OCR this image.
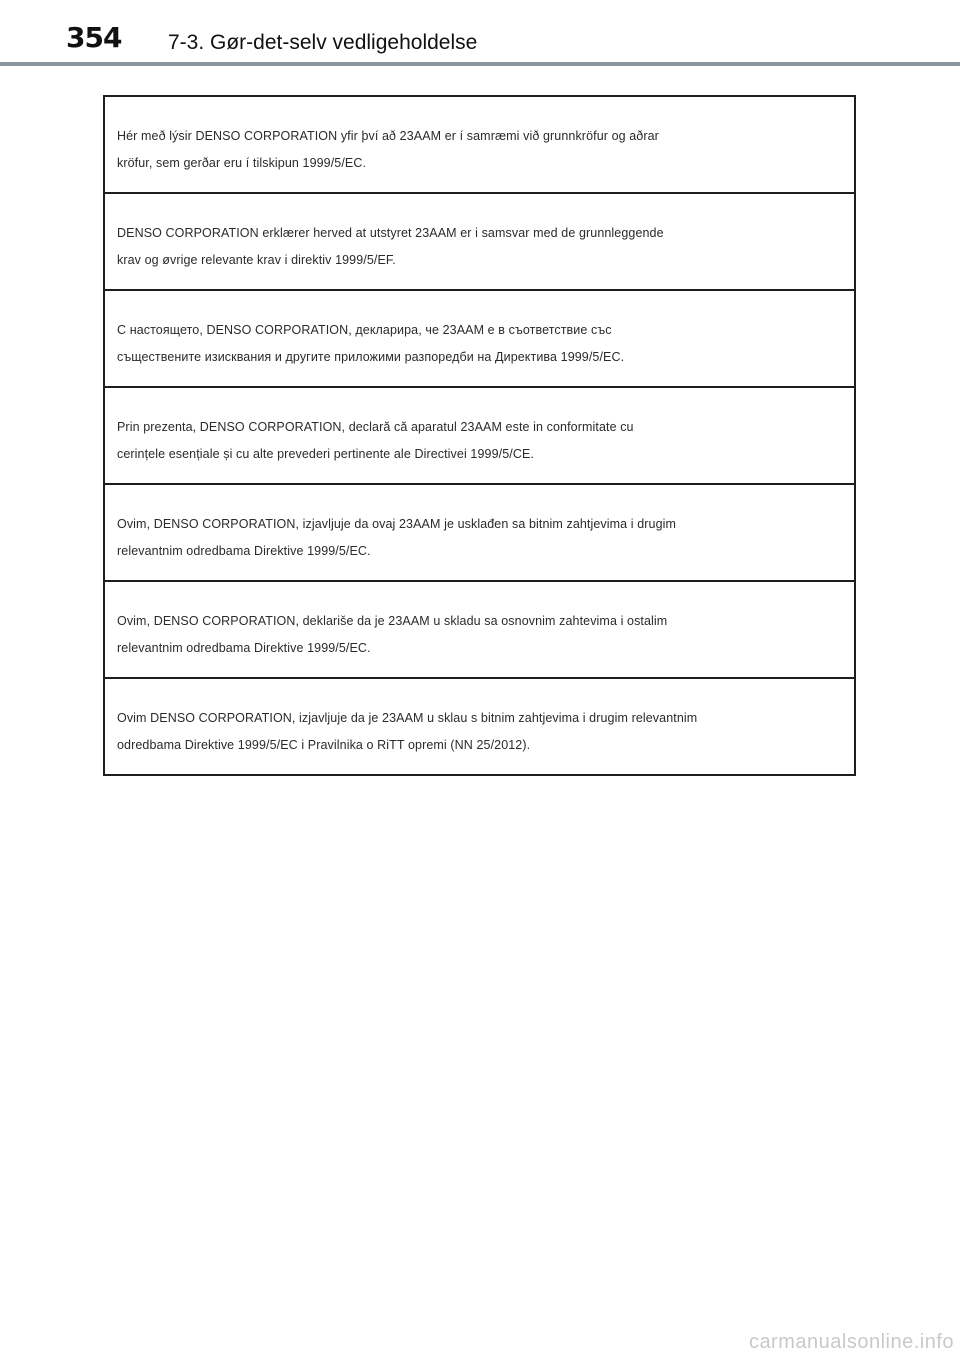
354 7-3. Gør-det-selv vedligeholdelse

Hér með lýsir DENSO CORPORATION yfir því að 23AAM er í samræmi við grunnkröfur og aðrar

kröfur, sem gerðar eru í tilskipun 1999/5/EC.

DENSO CORPORATION erklærer herved at utstyret 23AAM er i samsvar med de grunnleggende

krav og øvrige relevante krav i direktiv 1999/5/EF.

С настоящето, DENSO CORPORATION, декларира, че 23AAM е в съответствие със

съществените изисквания и другите приложими разпоредби на Директива 1999/5/ЕС.

Prin prezenta, DENSO CORPORATION, declară că aparatul 23AAM este in conformitate cu

cerințele esențiale și cu alte prevederi pertinente ale Directivei 1999/5/CE.

Ovim, DENSO CORPORATION, izjavljuje da ovaj 23AAM je usklađen sa bitnim zahtjevima i drugim

relevantnim odredbama Direktive 1999/5/EC.

Ovim, DENSO CORPORATION, deklariše da je 23AAM u skladu sa osnovnim zahtevima i ostalim

relevantnim odredbama Direktive 1999/5/EC.

Ovim DENSO CORPORATION, izjavljuje da je 23AAM u sklau s bitnim zahtjevima i drugim relevantnim

odredbama Direktive 1999/5/EC i Pravilnika o RiTT opremi (NN 25/2012).

carmanualsonline.info
